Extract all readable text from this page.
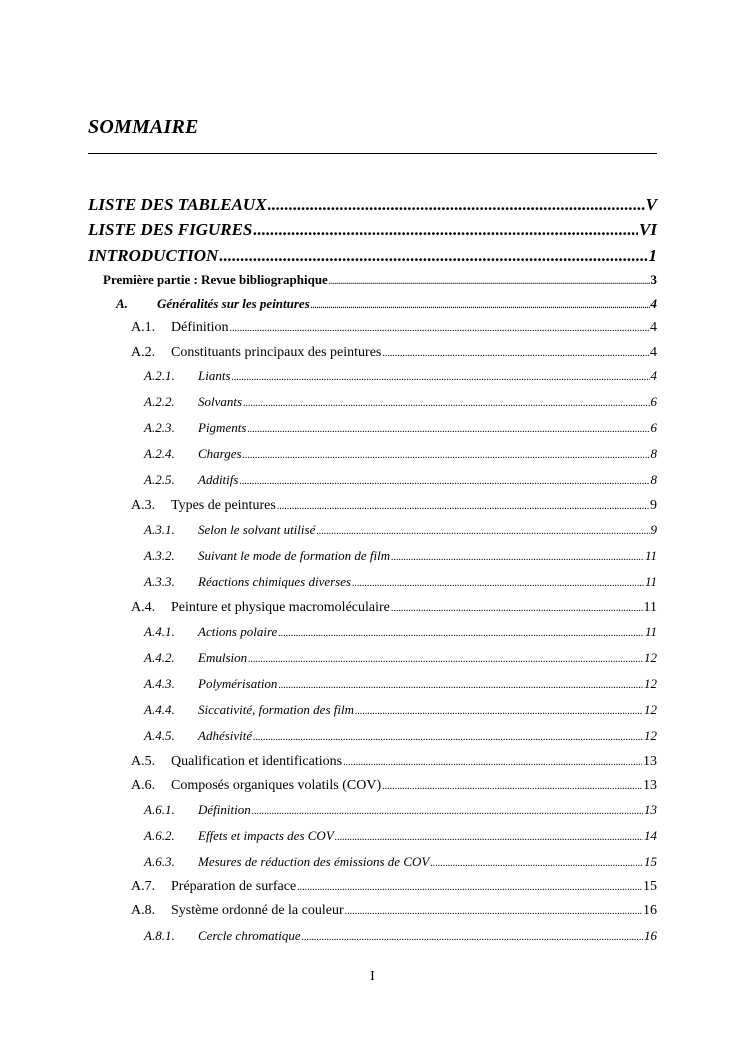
SOMMAIRE
LISTE DES TABLEAUX .....	V
LISTE DES FIGURES .....	VI
INTRODUCTION .....	1
Première partie : Revue bibliographique .....	3
A.	Généralités sur les peintures .....	4
A.1.	Définition .....	4
A.2.	Constituants principaux des peintures .....	4
A.2.1.	Liants .....	4
A.2.2.	Solvants .....	6
A.2.3.	Pigments .....	6
A.2.4.	Charges .....	8
A.2.5.	Additifs .....	8
A.3.	Types de peintures .....	9
A.3.1.	Selon le solvant utilisé .....	9
A.3.2.	Suivant le mode de formation de film .....	11
A.3.3.	Réactions chimiques diverses .....	11
A.4.	Peinture et physique macromoléculaire .....	11
A.4.1.	Actions polaire .....	11
A.4.2.	Emulsion .....	12
A.4.3.	Polymérisation .....	12
A.4.4.	Siccativité, formation des film .....	12
A.4.5.	Adhésivité .....	12
A.5.	Qualification et identifications .....	13
A.6.	Composés organiques volatils (COV) .....	13
A.6.1.	Définition .....	13
A.6.2.	Effets et impacts des COV .....	14
A.6.3.	Mesures de réduction des émissions de COV .....	15
A.7.	Préparation de surface .....	15
A.8.	Système ordonné de la couleur .....	16
A.8.1.	Cercle chromatique .....	16
I
